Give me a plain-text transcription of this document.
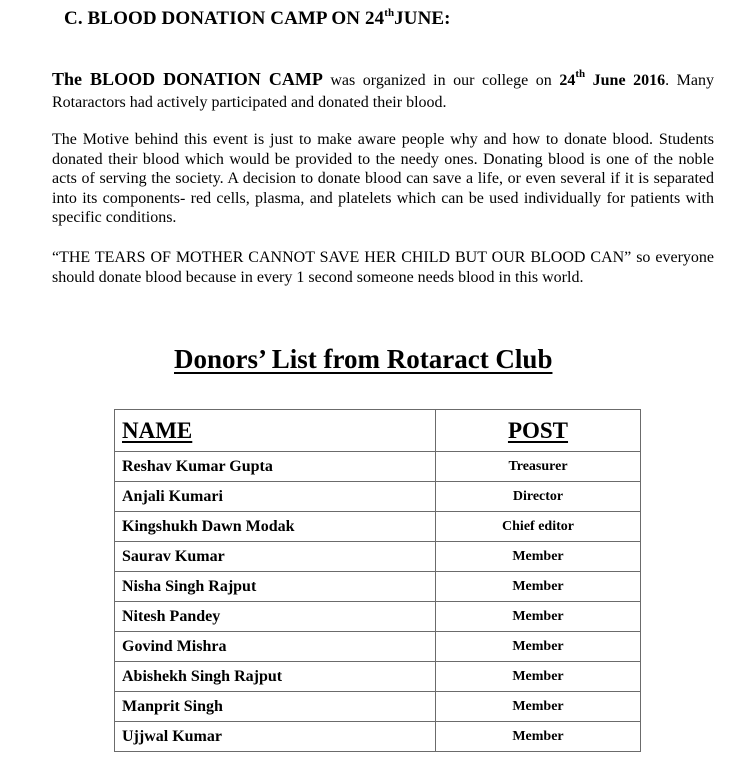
C. BLOOD DONATION CAMP ON 24thJUNE:
The BLOOD DONATION CAMP was organized in our college on 24th June 2016. Many Rotaractors had actively participated and donated their blood.
The Motive behind this event is just to make aware people why and how to donate blood. Students donated their blood which would be provided to the needy ones. Donating blood is one of the noble acts of serving the society. A decision to donate blood can save a life, or even several if it is separated into its components- red cells, plasma, and platelets which can be used individually for patients with specific conditions.
“THE TEARS OF MOTHER CANNOT SAVE HER CHILD BUT OUR BLOOD CAN” so everyone should donate blood because in every 1 second someone needs blood in this world.
Donors’ List from Rotaract Club
NAME	POST
Reshav Kumar Gupta	Treasurer
Anjali Kumari	Director
Kingshukh Dawn Modak	Chief editor
Saurav Kumar	Member
Nisha Singh Rajput	Member
Nitesh Pandey	Member
Govind Mishra	Member
Abishekh Singh Rajput	Member
Manprit Singh	Member
Ujjwal Kumar	Member
